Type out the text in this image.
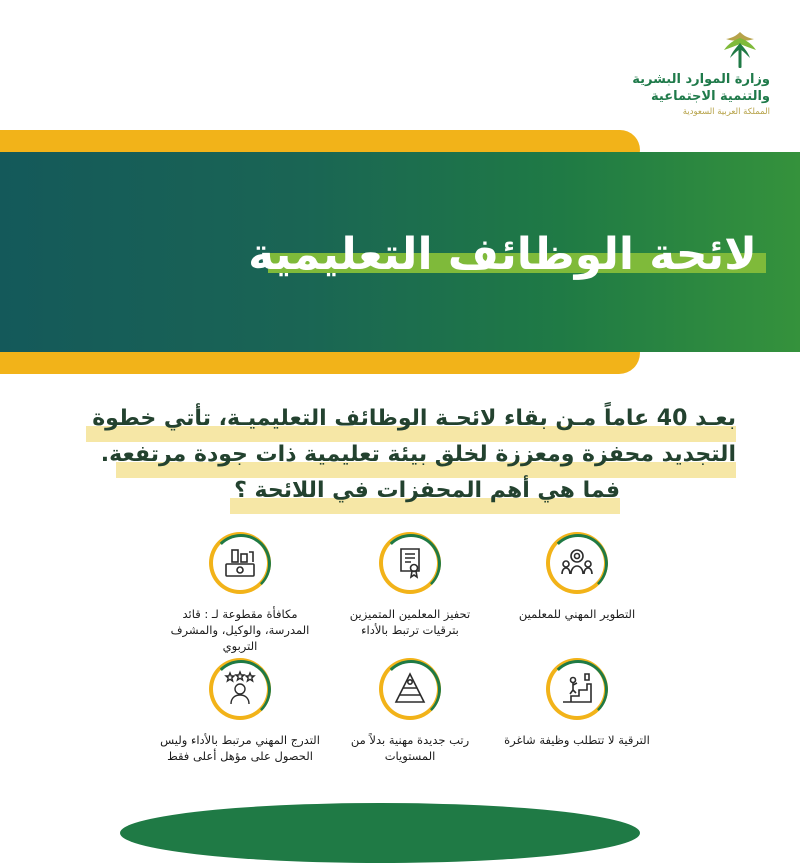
وزارة الموارد البشرية
والتنمية الاجتماعية
المملكة العربية السعودية
لائحة الوظائف التعليمية
بعـد 40 عاماً مـن بقاء لائحـة الوظائف التعليميـة، تأتي خطوة
التجديد محفزة ومعززة لخلق بيئة تعليمية ذات جودة مرتفعة.
فما هي أهم المحفزات في اللائحة ؟
التطوير المهني للمعلمين
تحفيز المعلمين المتميزين بترقيات ترتبط بالأداء
مكافأة مقطوعة لـ : قائد المدرسة، والوكيل، والمشرف التربوي
الترقية لا تتطلب وظيفة شاغرة
رتب جديدة مهنية بدلاً من المستويات
التدرج المهني مرتبط بالأداء وليس الحصول على مؤهل أعلى فقط
